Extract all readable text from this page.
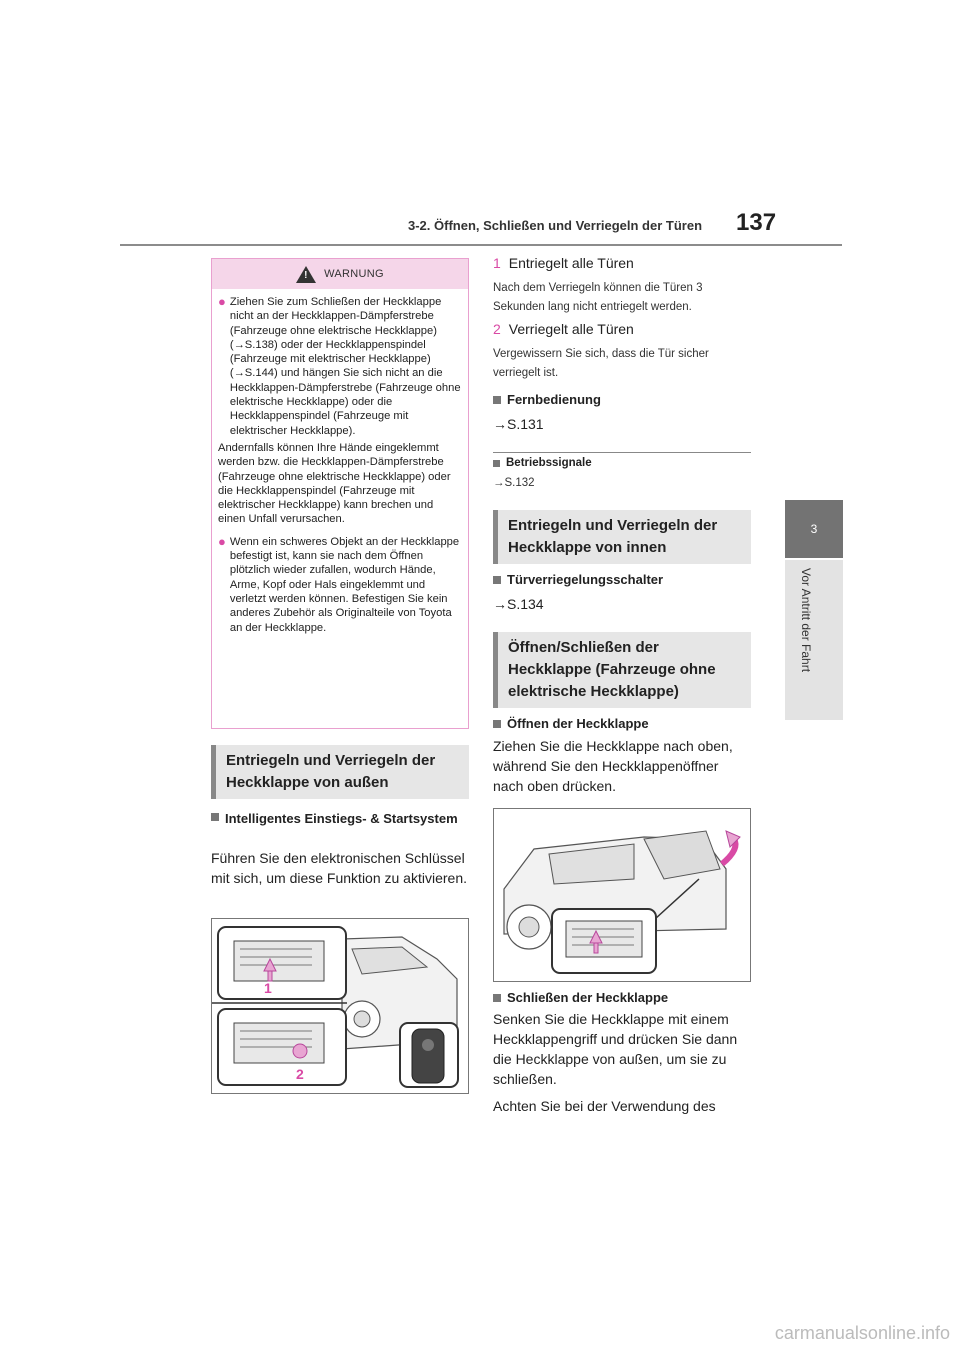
3-2. Öffnen, Schließen und Verriegeln der Türen 137
3
Vor Antritt der Fahrt
! WARNUNG
● Ziehen Sie zum Schließen der Heckklappe nicht an der Heckklappen-Dämpferstrebe (Fahrzeuge ohne elektrische Heckklappe) (→S.138) oder der Heckklappenspindel (Fahrzeuge mit elektrischer Heckklappe) (→S.144) und hängen Sie sich nicht an die Heckklappen-Dämpferstrebe (Fahrzeuge ohne elektrische Heckklappe) oder die Heckklappenspindel (Fahrzeuge mit elektrischer Heckklappe).
Andernfalls können Ihre Hände eingeklemmt werden bzw. die Heckklappen-Dämpferstrebe (Fahrzeuge ohne elektrische Heckklappe) oder die Heckklappenspindel (Fahrzeuge mit elektrischer Heckklappe) kann brechen und einen Unfall verursachen.
● Wenn ein schweres Objekt an der Heckklappe befestigt ist, kann sie nach dem Öffnen plötzlich wieder zufallen, wodurch Hände, Arme, Kopf oder Hals eingeklemmt und verletzt werden können. Befestigen Sie kein anderes Zubehör als Originalteile von Toyota an der Heckklappe.
Entriegeln und Verriegeln der Heckklappe von außen
Intelligentes Einstiegs- & Startsystem
Führen Sie den elektronischen Schlüssel mit sich, um diese Funktion zu aktivieren.
1
2
1 Entriegelt alle Türen
Nach dem Verriegeln können die Türen 3 Sekunden lang nicht entriegelt werden.
2 Verriegelt alle Türen
Vergewissern Sie sich, dass die Tür sicher verriegelt ist.
Fernbedienung
→S.131
Betriebssignale
→S.132
Entriegeln und Verriegeln der Heckklappe von innen
Türverriegelungsschalter
→S.134
Öffnen/Schließen der Heckklappe (Fahrzeuge ohne elektrische Heckklappe)
Öffnen der Heckklappe
Ziehen Sie die Heckklappe nach oben, während Sie den Heckklappenöffner nach oben drücken.
Schließen der Heckklappe
Senken Sie die Heckklappe mit einem Heckklappengriff und drücken Sie dann die Heckklappe von außen, um sie zu schließen.
Achten Sie bei der Verwendung des
carmanualsonline.info
